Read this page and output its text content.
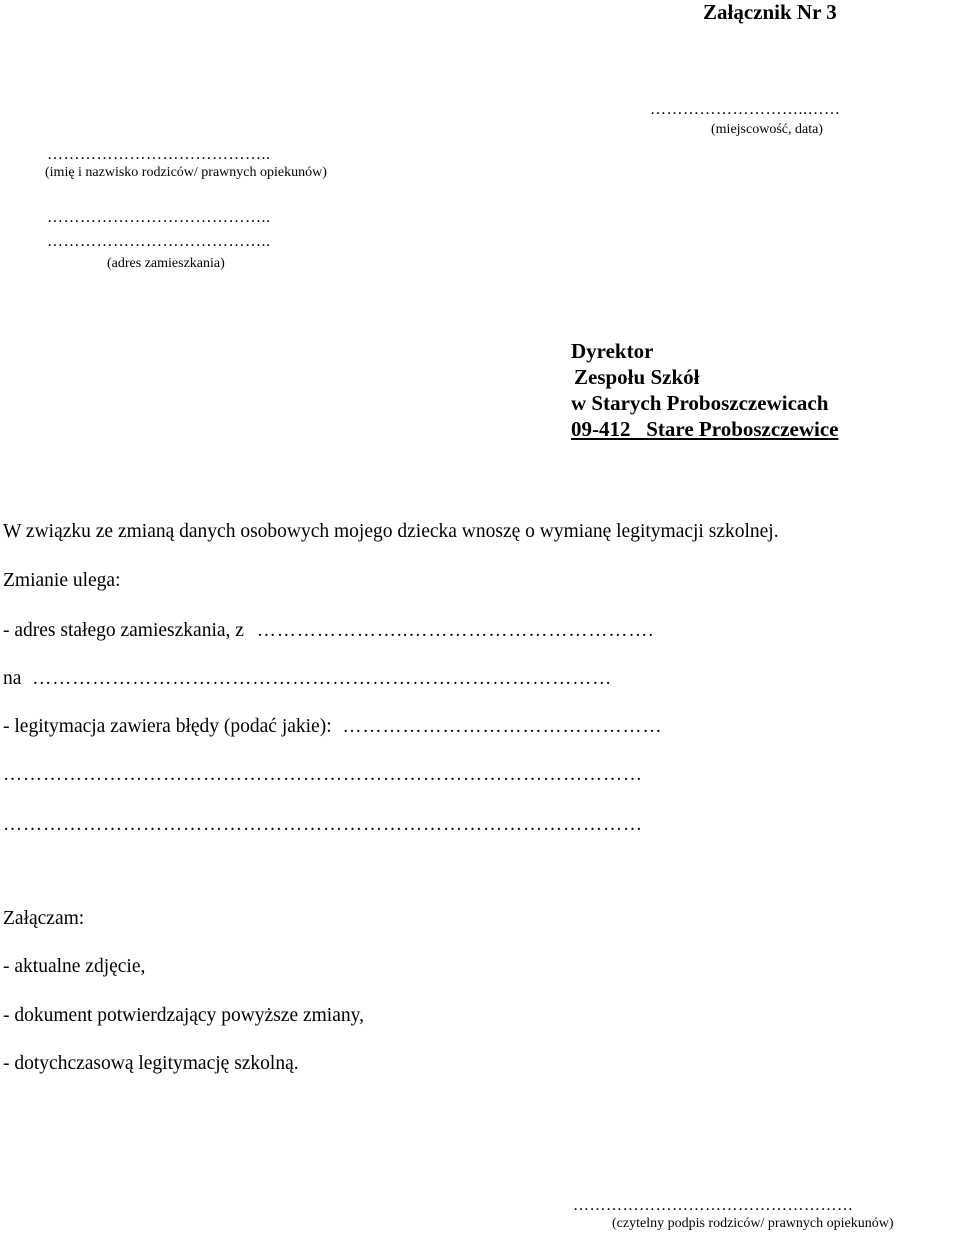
Załącznik Nr 3
………………………..……
(miejscowość, data)
…………………………………..
(imię i nazwisko rodziców/ prawnych opiekunów)
…………………………………..
…………………………………..
(adres zamieszkania)
Dyrektor
Zespołu Szkół
w Starych Proboszczewicach
09-412   Stare Proboszczewice
W związku ze zmianą danych osobowych mojego dziecka wnoszę o wymianę legitymacji szkolnej.
Zmianie ulega:
- adres stałego zamieszkania, z …………………..……………………………….
na ……………………………………………………………………………
- legitymacja zawiera błędy (podać jakie): …………………………………………
……………………………………………………………………………………
……………………………………………………………………………………
Załączam:
- aktualne zdjęcie,
- dokument potwierdzający powyższe zmiany,
- dotychczasową legitymację szkolną.
……………………………………………
(czytelny podpis rodziców/ prawnych opiekunów)
